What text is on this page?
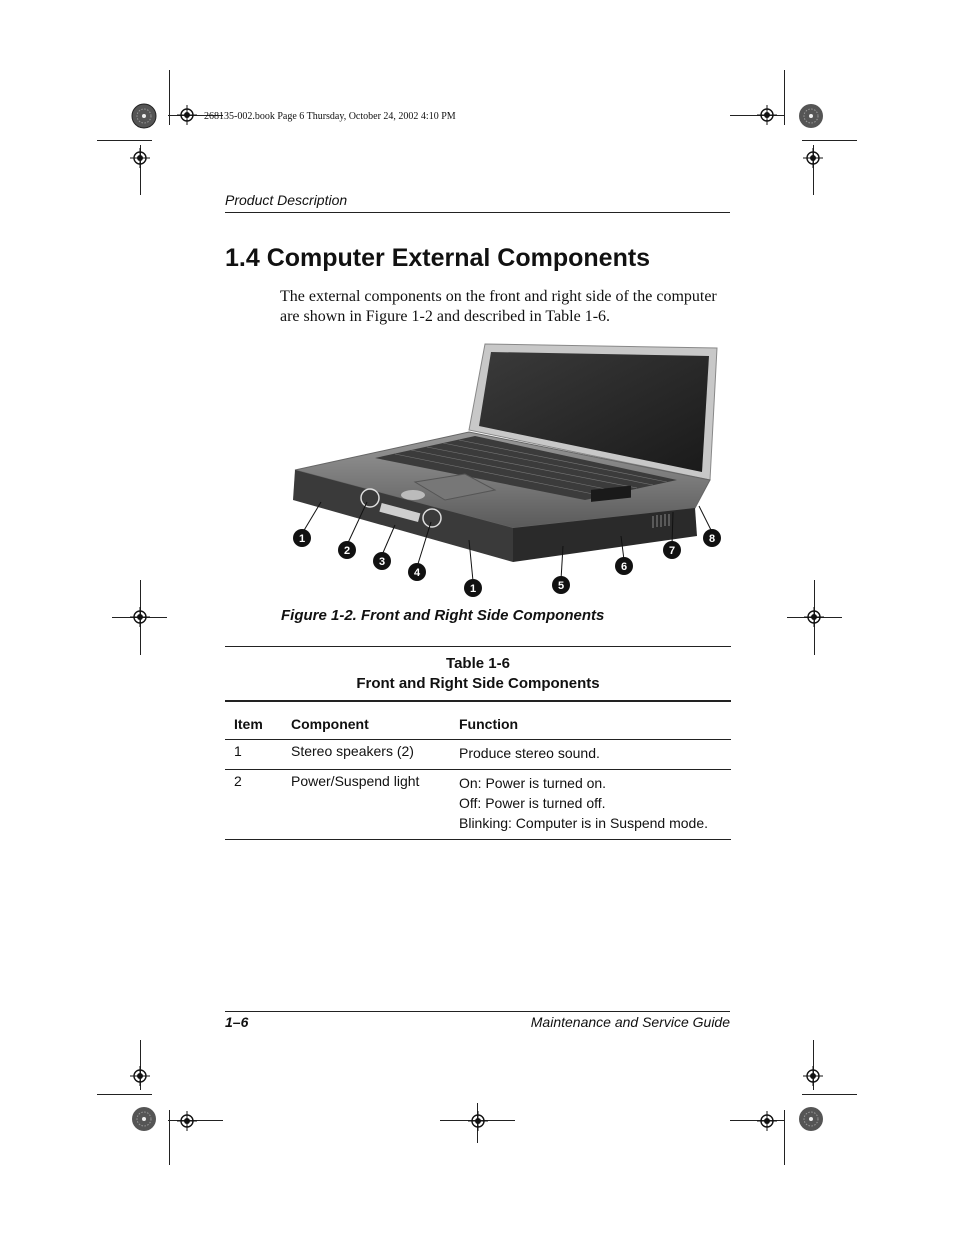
268135-002.book Page 6 Thursday, October 24, 2002 4:10 PM
Product Description
1.4 Computer External Components

The external components on the front and right side of the computer are shown in Figure 1-2 and described in Table 1-6.

1
2
3
4
1	5
6
7
8
Figure 1-2. Front and Right Side Components
Table 1-6
Front and Right Side Components
Item	Component	Function
1	Stereo speakers (2)	Produce stereo sound.

2	Power/Suspend light	On: Power is turned on.
Off: Power is turned off.
Blinking: Computer is in Suspend mode.
1–6	Maintenance and Service Guide
